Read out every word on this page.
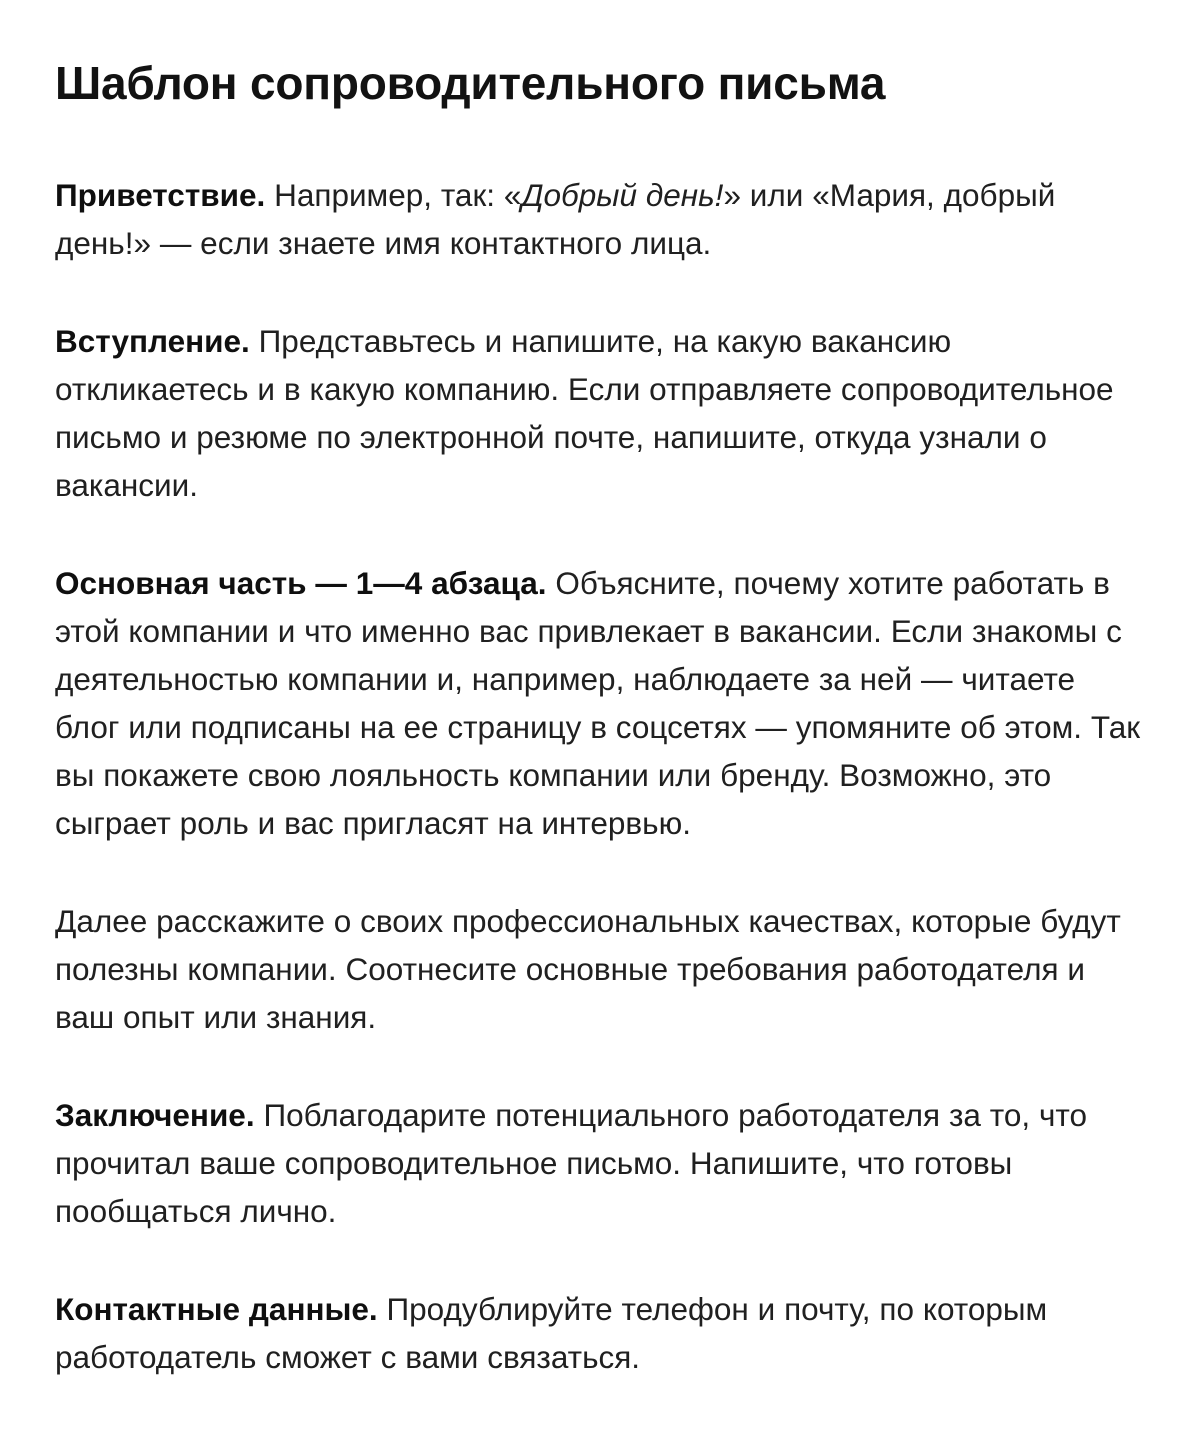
Шаблон сопроводительного письма

Приветствие. Например, так: «Добрый день!» или «Мария, добрый день!» — если знаете имя контактного лица.

Вступление. Представьтесь и напишите, на какую вакансию откликаетесь и в какую компанию. Если отправляете сопроводительное письмо и резюме по электронной почте, напишите, откуда узнали о вакансии.

Основная часть — 1—4 абзаца. Объясните, почему хотите работать в этой компании и что именно вас привлекает в вакансии. Если знакомы с деятельностью компании и, например, наблюдаете за ней — читаете блог или подписаны на ее страницу в соцсетях — упомяните об этом. Так вы покажете свою лояльность компании или бренду. Возможно, это сыграет роль и вас пригласят на интервью.

Далее расскажите о своих профессиональных качествах, которые будут полезны компании. Соотнесите основные требования работодателя и ваш опыт или знания.

Заключение. Поблагодарите потенциального работодателя за то, что прочитал ваше сопроводительное письмо. Напишите, что готовы пообщаться лично.

Контактные данные. Продублируйте телефон и почту, по которым работодатель сможет с вами связаться.
